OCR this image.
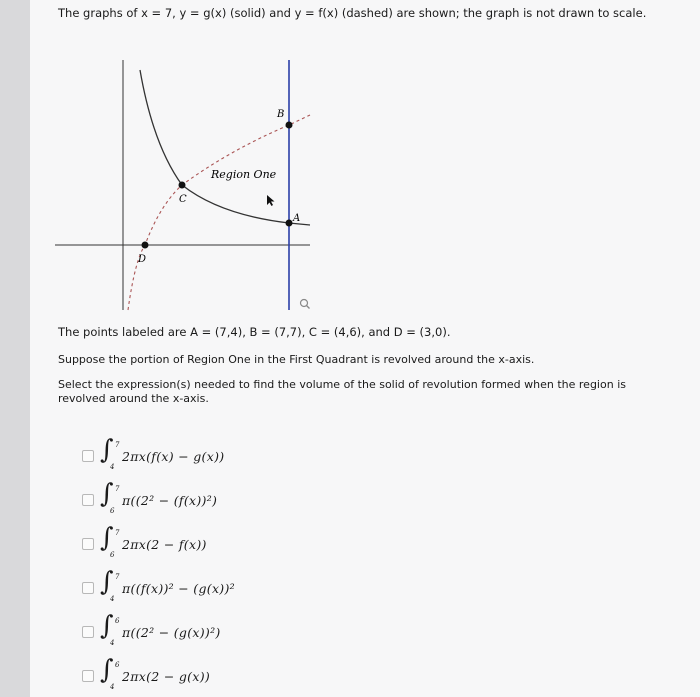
The graphs of x = 7, y = g(x) (solid) and y = f(x) (dashed) are shown; the graph is not drawn to scale.
A
B
C
D
Region One
The points labeled are A = (7,4), B = (7,7), C = (4,6), and D = (3,0).
Suppose the portion of Region One in the First Quadrant is revolved around the x-axis.
Select the expression(s) needed to find the volume of the solid of revolution formed when the region is revolved around the x-axis.
∫ 7
4
2πx(f(x) − g(x))
∫ 7
6
π((2² − (f(x))²)
∫ 7
6
2πx(2 − f(x))
∫ 7
4
π((f(x))² − (g(x))²
∫ 6
4
π((2² − (g(x))²)
∫ 6
4
2πx(2 − g(x))
